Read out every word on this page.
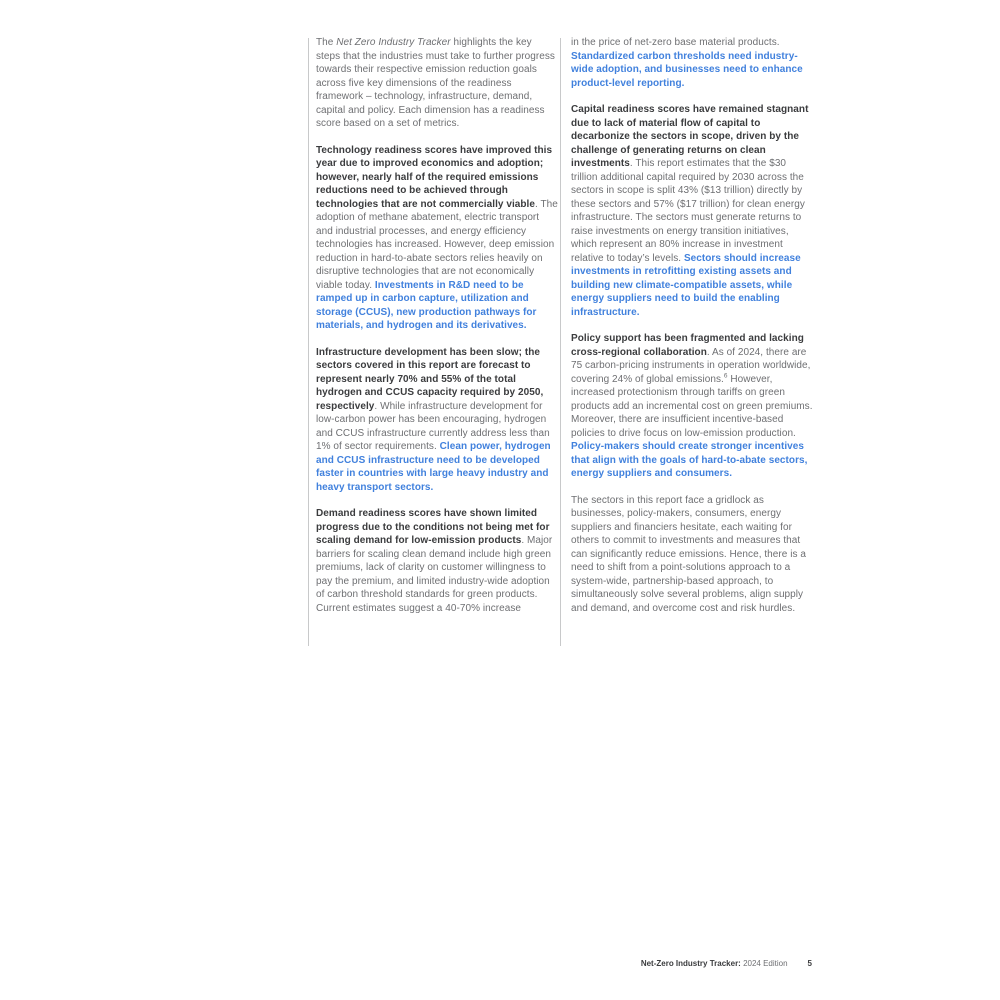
The Net Zero Industry Tracker highlights the key steps that the industries must take to further progress towards their respective emission reduction goals across five key dimensions of the readiness framework – technology, infrastructure, demand, capital and policy. Each dimension has a readiness score based on a set of metrics.

Technology readiness scores have improved this year due to improved economics and adoption; however, nearly half of the required emissions reductions need to be achieved through technologies that are not commercially viable. The adoption of methane abatement, electric transport and industrial processes, and energy efficiency technologies has increased. However, deep emission reduction in hard-to-abate sectors relies heavily on disruptive technologies that are not economically viable today. Investments in R&D need to be ramped up in carbon capture, utilization and storage (CCUS), new production pathways for materials, and hydrogen and its derivatives.

Infrastructure development has been slow; the sectors covered in this report are forecast to represent nearly 70% and 55% of the total hydrogen and CCUS capacity required by 2050, respectively. While infrastructure development for low-carbon power has been encouraging, hydrogen and CCUS infrastructure currently address less than 1% of sector requirements. Clean power, hydrogen and CCUS infrastructure need to be developed faster in countries with large heavy industry and heavy transport sectors.

Demand readiness scores have shown limited progress due to the conditions not being met for scaling demand for low-emission products. Major barriers for scaling clean demand include high green premiums, lack of clarity on customer willingness to pay the premium, and limited industry-wide adoption of carbon threshold standards for green products. Current estimates suggest a 40-70% increase

in the price of net-zero base material products. Standardized carbon thresholds need industry-wide adoption, and businesses need to enhance product-level reporting.

Capital readiness scores have remained stagnant due to lack of material flow of capital to decarbonize the sectors in scope, driven by the challenge of generating returns on clean investments. This report estimates that the $30 trillion additional capital required by 2030 across the sectors in scope is split 43% ($13 trillion) directly by these sectors and 57% ($17 trillion) for clean energy infrastructure. The sectors must generate returns to raise investments on energy transition initiatives, which represent an 80% increase in investment relative to today’s levels. Sectors should increase investments in retrofitting existing assets and building new climate-compatible assets, while energy suppliers need to build the enabling infrastructure.

Policy support has been fragmented and lacking cross-regional collaboration. As of 2024, there are 75 carbon-pricing instruments in operation worldwide, covering 24% of global emissions.$^6$ However, increased protectionism through tariffs on green products add an incremental cost on green premiums. Moreover, there are insufficient incentive-based policies to drive focus on low-emission production. Policy-makers should create stronger incentives that align with the goals of hard-to-abate sectors, energy suppliers and consumers.

The sectors in this report face a gridlock as businesses, policy-makers, consumers, energy suppliers and financiers hesitate, each waiting for others to commit to investments and measures that can significantly reduce emissions. Hence, there is a need to shift from a point-solutions approach to a system-wide, partnership-based approach, to simultaneously solve several problems, align supply and demand, and overcome cost and risk hurdles.

Net-Zero Industry Tracker: 2024 Edition	5
